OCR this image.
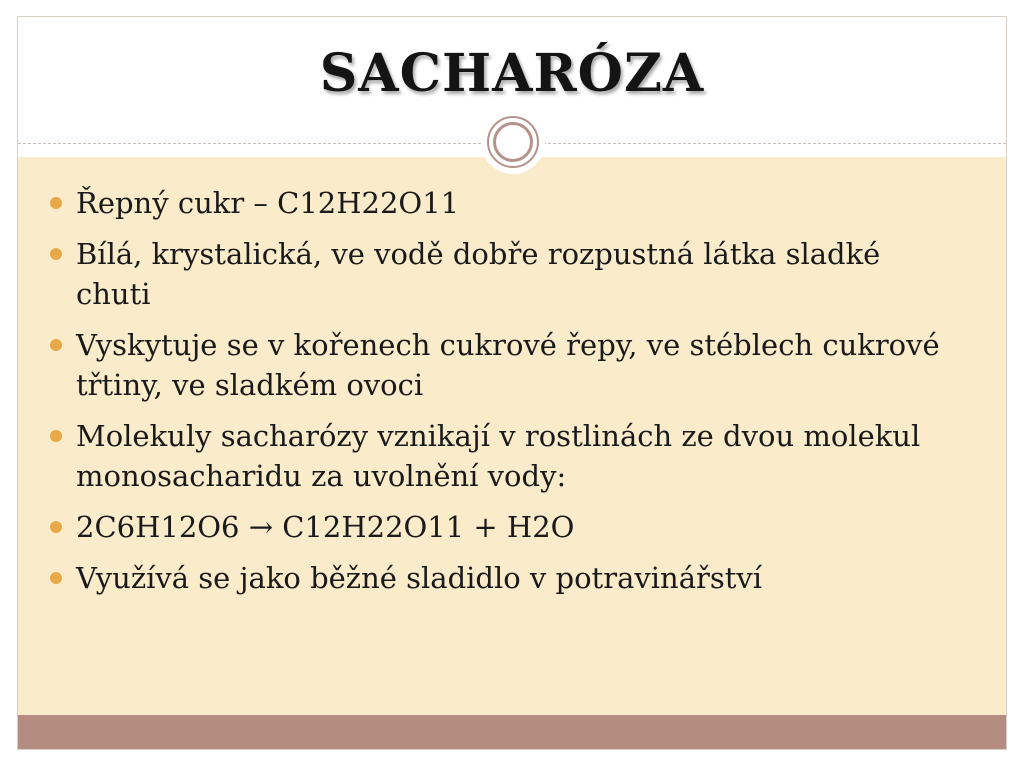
SACHARÓZA
Řepný cukr – C12H22O11
Bílá, krystalická, ve vodě dobře rozpustná látka sladké chuti
Vyskytuje se v kořenech cukrové řepy, ve stéblech cukrové třtiny, ve sladkém ovoci
Molekuly sacharózy vznikají v rostlinách ze dvou molekul monosacharidu za uvolnění vody:
2C6H12O6 → C12H22O11 + H2O
Využívá se jako běžné sladidlo v potravinářství
